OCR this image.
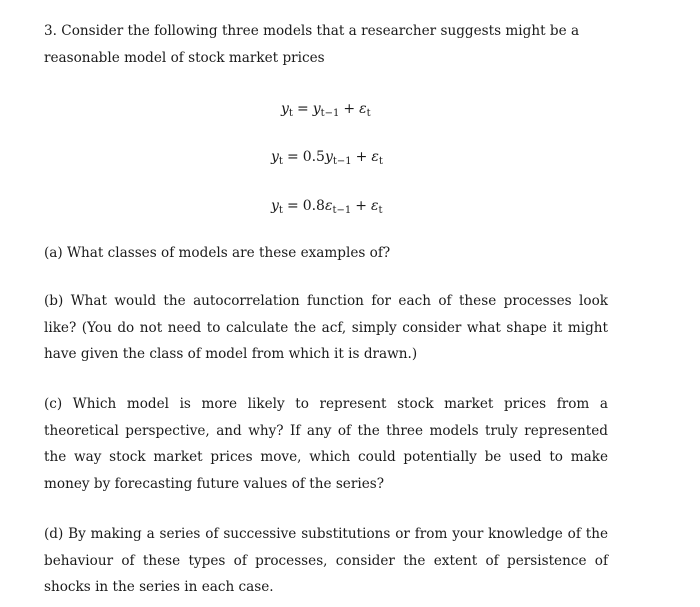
3. Consider the following three models that a researcher suggests might be a reasonable model of stock market prices

$y_t = y_{t-1} + \varepsilon_t$
$y_t = 0.5y_{t-1} + \varepsilon_t$
$y_t = 0.8\varepsilon_{t-1} + \varepsilon_t$

(a) What classes of models are these examples of?

(b) What would the autocorrelation function for each of these processes look like? (You do not need to calculate the acf, simply consider what shape it might have given the class of model from which it is drawn.)

(c) Which model is more likely to represent stock market prices from a theoretical perspective, and why? If any of the three models truly represented the way stock market prices move, which could potentially be used to make money by forecasting future values of the series?

(d) By making a series of successive substitutions or from your knowledge of the behaviour of these types of processes, consider the extent of persistence of shocks in the series in each case.
